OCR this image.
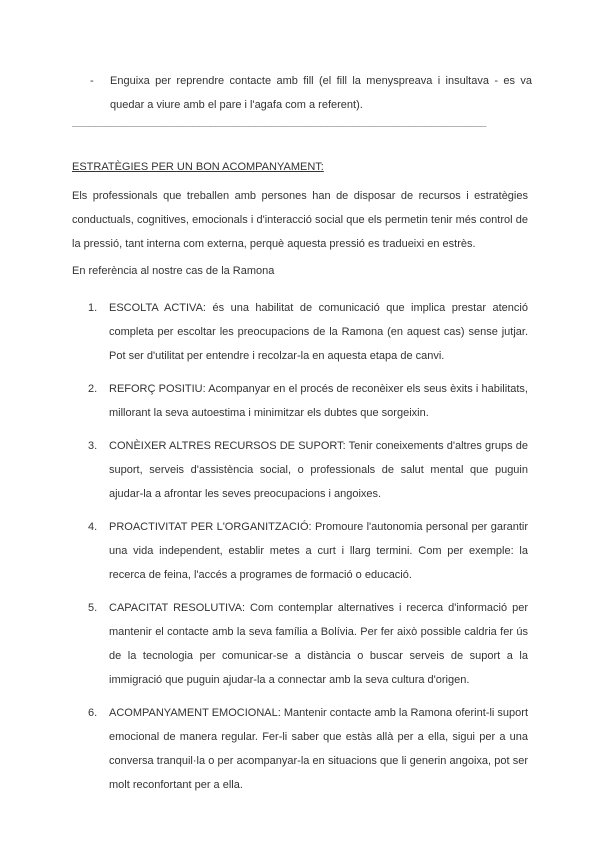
-	Enguixa per reprendre contacte amb fill (el fill la menyspreava i insultava - es va quedar a viure amb el pare i l'agafa com a referent).
___________________________________________________________________________
ESTRATÈGIES PER UN BON ACOMPANYAMENT:
Els professionals que treballen amb persones han de disposar de recursos i estratègies conductuals, cognitives, emocionals i d'interacció social que els permetin tenir més control de la pressió, tant interna com externa, perquè aquesta pressió es tradueixi en estrès.
En referència al nostre cas de la Ramona
1. ESCOLTA ACTIVA: és una habilitat de comunicació que implica prestar atenció completa per escoltar les preocupacions de la Ramona (en aquest cas) sense jutjar. Pot ser d'utilitat per entendre i recolzar-la en aquesta etapa de canvi.
2. REFORÇ POSITIU: Acompanyar en el procés de reconèixer els seus èxits i habilitats, millorant la seva autoestima i minimitzar els dubtes que sorgeixin.
3. CONÈIXER ALTRES RECURSOS DE SUPORT: Tenir coneixements d'altres grups de suport, serveis d'assistència social, o professionals de salut mental que puguin ajudar-la a afrontar les seves preocupacions i angoixes.
4. PROACTIVITAT PER L'ORGANITZACIÓ: Promoure l'autonomia personal per garantir una vida independent, establir metes a curt i llarg termini. Com per exemple: la recerca de feina, l'accés a programes de formació o educació.
5. CAPACITAT RESOLUTIVA: Com contemplar alternatives i recerca d'informació per mantenir el contacte amb la seva família a Bolívia. Per fer això possible caldria fer ús de la tecnologia per comunicar-se a distància o buscar serveis de suport a la immigració que puguin ajudar-la a connectar amb la seva cultura d'origen.
6. ACOMPANYAMENT EMOCIONAL: Mantenir contacte amb la Ramona oferint-li suport emocional de manera regular. Fer-li saber que estàs allà per a ella, sigui per a una conversa tranquil·la o per acompanyar-la en situacions que li generin angoixa, pot ser molt reconfortant per a ella.
